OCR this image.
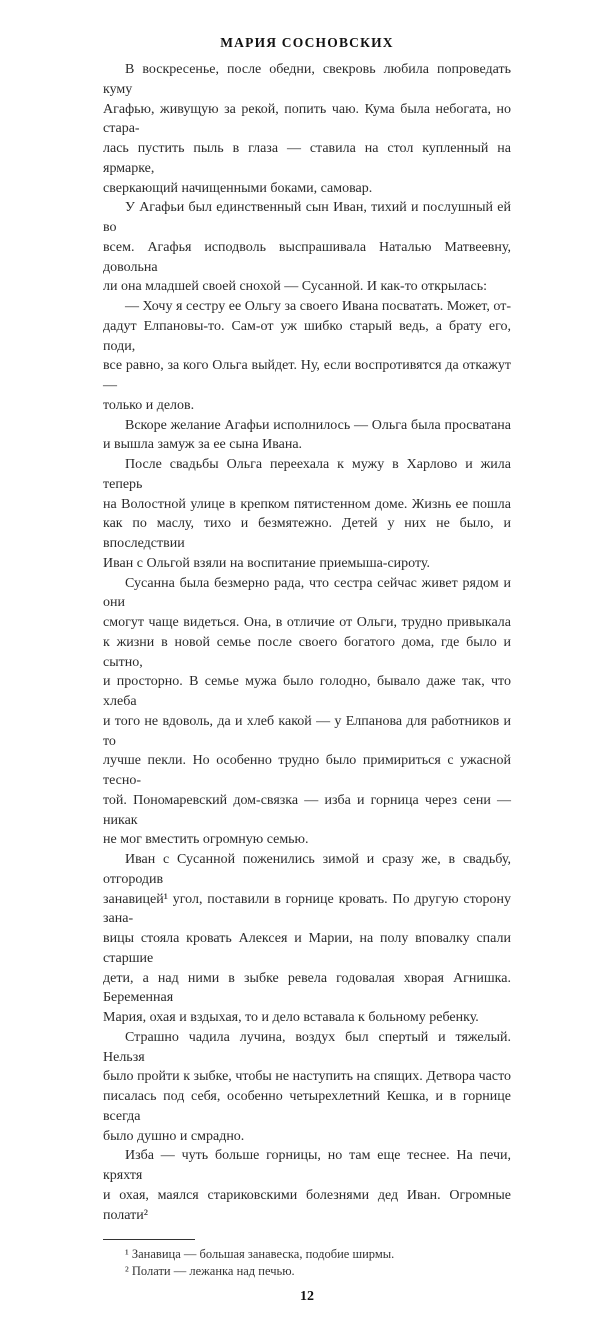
МАРИЯ СОСНОВСКИХ
В воскресенье, после обедни, свекровь любила попроведать куму
Агафью, живущую за рекой, попить чаю. Кума была небогата, но стара-
лась пустить пыль в глаза — ставила на стол купленный на ярмарке,
сверкающий начищенными боками, самовар.
У Агафьи был единственный сын Иван, тихий и послушный ей во
всем. Агафья исподволь выспрашивала Наталью Матвеевну, довольна
ли она младшей своей снохой — Сусанной. И как-то открылась:
— Хочу я сестру ее Ольгу за своего Ивана посватать. Может, от-
дадут Елпановы-то. Сам-от уж шибко старый ведь, а брату его, поди,
все равно, за кого Ольга выйдет. Ну, если воспротивятся да откажут —
только и делов.
Вскоре желание Агафьи исполнилось — Ольга была просватана
и вышла замуж за ее сына Ивана.
После свадьбы Ольга переехала к мужу в Харлово и жила теперь
на Волостной улице в крепком пятистенном доме. Жизнь ее пошла
как по маслу, тихо и безмятежно. Детей у них не было, и впоследствии
Иван с Ольгой взяли на воспитание приемыша-сироту.
Сусанна была безмерно рада, что сестра сейчас живет рядом и они
смогут чаще видеться. Она, в отличие от Ольги, трудно привыкала
к жизни в новой семье после своего богатого дома, где было и сытно,
и просторно. В семье мужа было голодно, бывало даже так, что хлеба
и того не вдоволь, да и хлеб какой — у Елпанова для работников и то
лучше пекли. Но особенно трудно было примириться с ужасной тесно-
той. Пономаревский дом-связка — изба и горница через сени — никак
не мог вместить огромную семью.
Иван с Сусанной поженились зимой и сразу же, в свадьбу, отгородив
занавицей¹ угол, поставили в горнице кровать. По другую сторону зана-
вицы стояла кровать Алексея и Марии, на полу вповалку спали старшие
дети, а над ними в зыбке ревела годовалая хворая Агнишка. Беременная
Мария, охая и вздыхая, то и дело вставала к больному ребенку.
Страшно чадила лучина, воздух был спертый и тяжелый. Нельзя
было пройти к зыбке, чтобы не наступить на спящих. Детвора часто
писалась под себя, особенно четырехлетний Кешка, и в горнице всегда
было душно и смрадно.
Изба — чуть больше горницы, но там еще теснее. На печи, кряхтя
и охая, маялся стариковскими болезнями дед Иван. Огромные полати²
¹ Занавица — большая занавеска, подобие ширмы.
² Полати — лежанка над печью.
12
